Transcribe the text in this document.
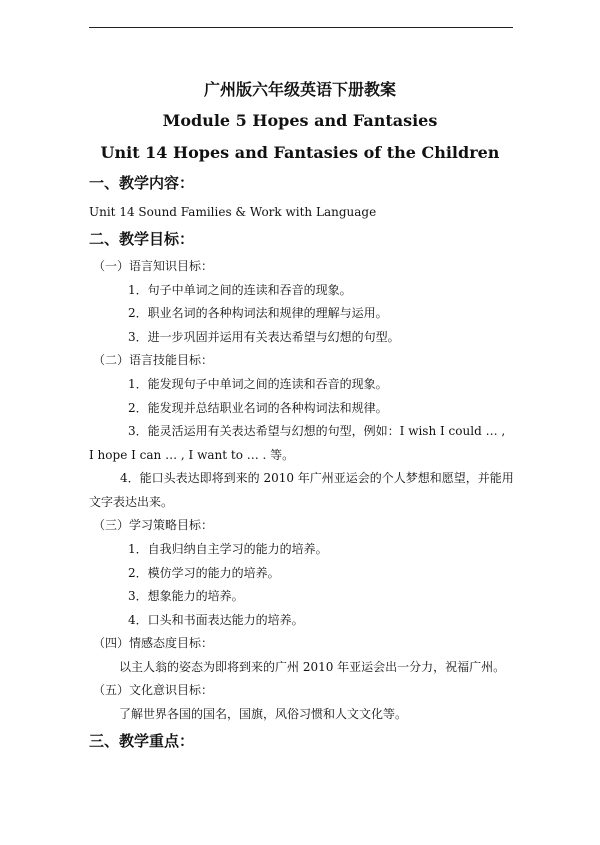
广州版六年级英语下册教案
Module 5 Hopes and Fantasies
Unit 14 Hopes and Fantasies of the Children
一、教学内容：
Unit 14 Sound Families & Work with Language
二、教学目标：
（一）语言知识目标：
1．句子中单词之间的连读和吞音的现象。
2．职业名词的各种构词法和规律的理解与运用。
3．进一步巩固并运用有关表达希望与幻想的句型。
（二）语言技能目标：
1．能发现句子中单词之间的连读和吞音的现象。
2．能发现并总结职业名词的各种构词法和规律。
3．能灵活运用有关表达希望与幻想的句型，例如：I wish I could … ,
I hope I can … , I want to … . 等。
4．能口头表达即将到来的 2010 年广州亚运会的个人梦想和愿望，并能用
文字表达出来。
（三）学习策略目标：
1．自我归纳自主学习的能力的培养。
2．模仿学习的能力的培养。
3．想象能力的培养。
4．口头和书面表达能力的培养。
（四）情感态度目标：
以主人翁的姿态为即将到来的广州 2010 年亚运会出一分力，祝福广州。
（五）文化意识目标：
了解世界各国的国名，国旗，风俗习惯和人文文化等。
三、教学重点：
